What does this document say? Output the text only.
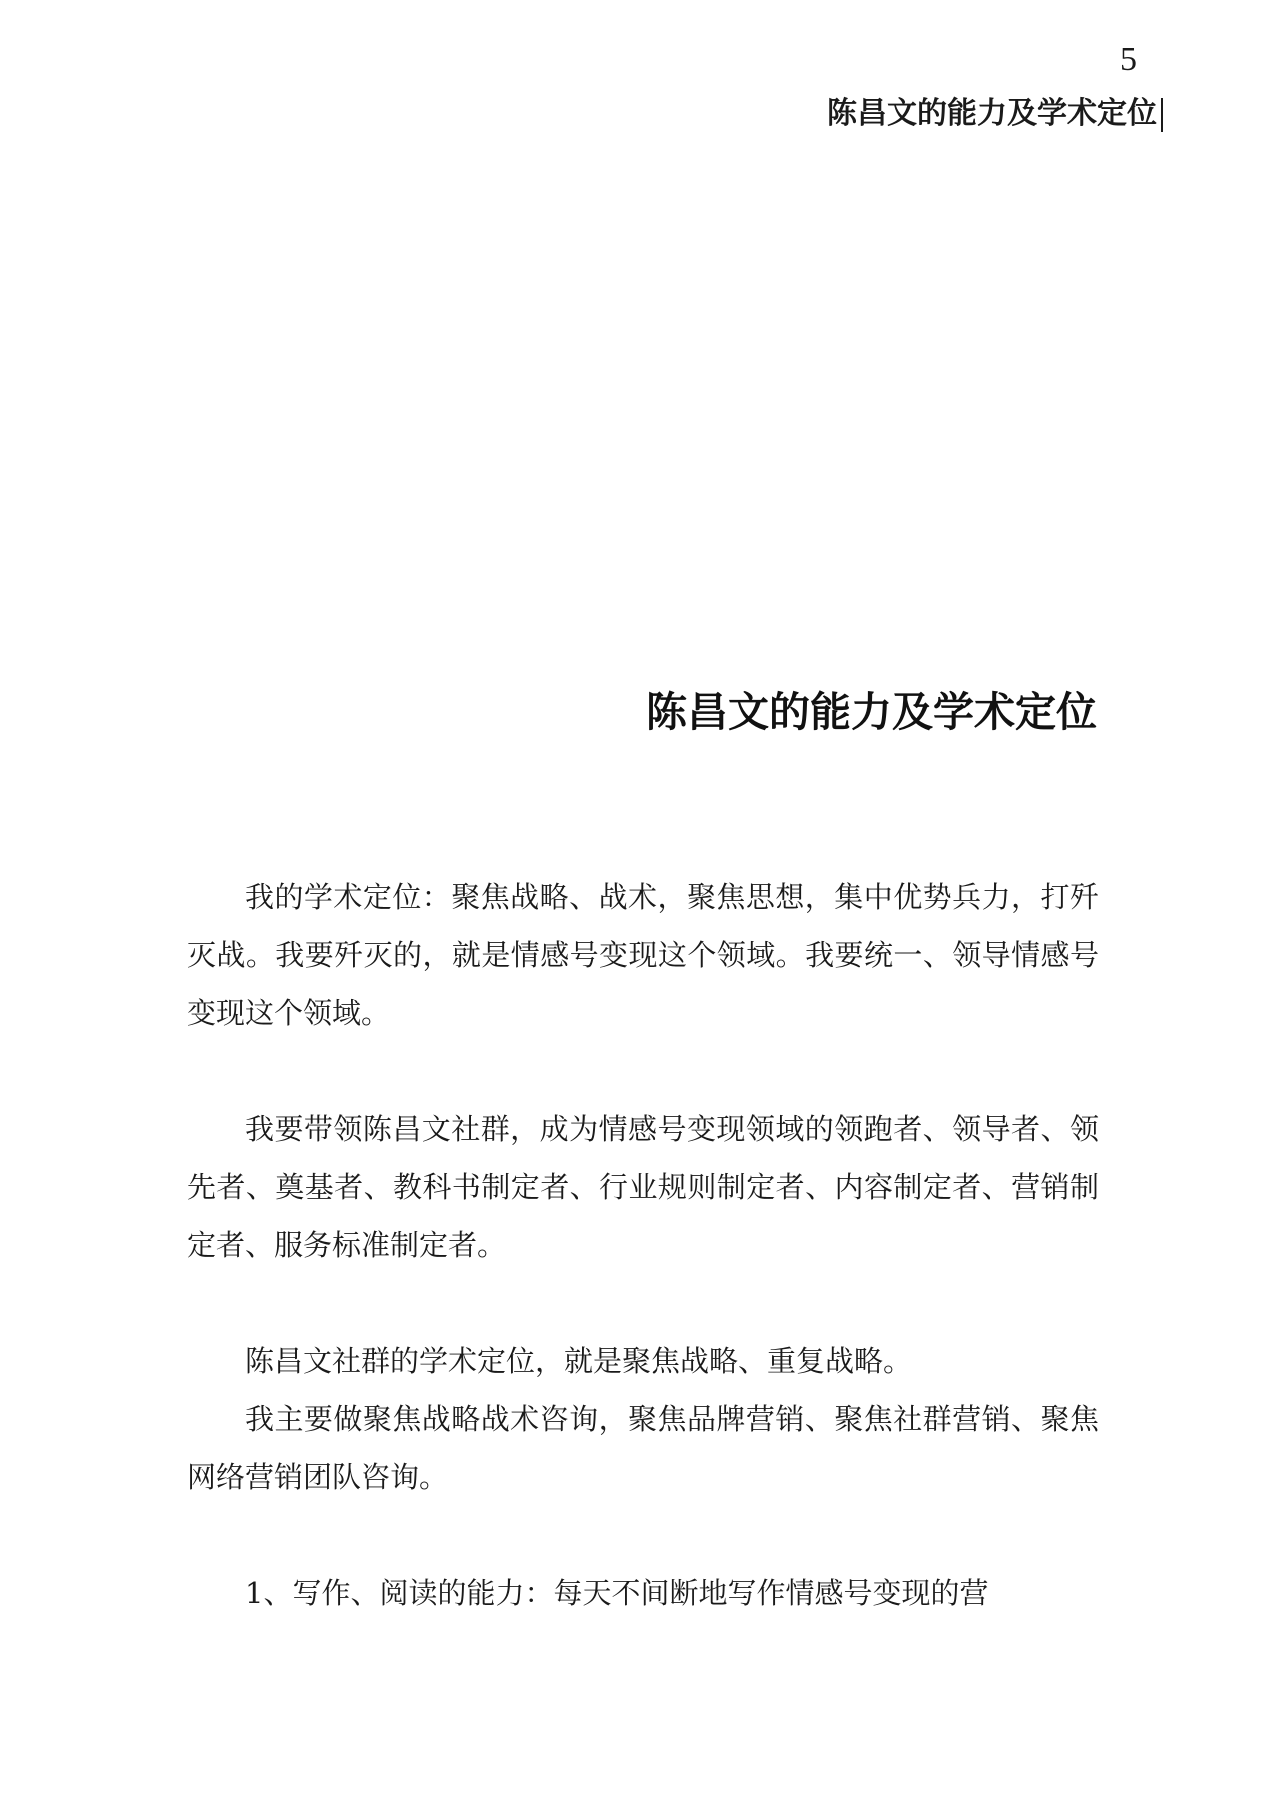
5
陈昌文的能力及学术定位
陈昌文的能力及学术定位

我的学术定位：聚焦战略、战术，聚焦思想，集中优势兵力，打歼灭战。我要歼灭的，就是情感号变现这个领域。我要统一、领导情感号变现这个领域。

我要带领陈昌文社群，成为情感号变现领域的领跑者、领导者、领先者、奠基者、教科书制定者、行业规则制定者、内容制定者、营销制定者、服务标准制定者。

陈昌文社群的学术定位，就是聚焦战略、重复战略。

我主要做聚焦战略战术咨询，聚焦品牌营销、聚焦社群营销、聚焦网络营销团队咨询。

1、写作、阅读的能力：每天不间断地写作情感号变现的营
